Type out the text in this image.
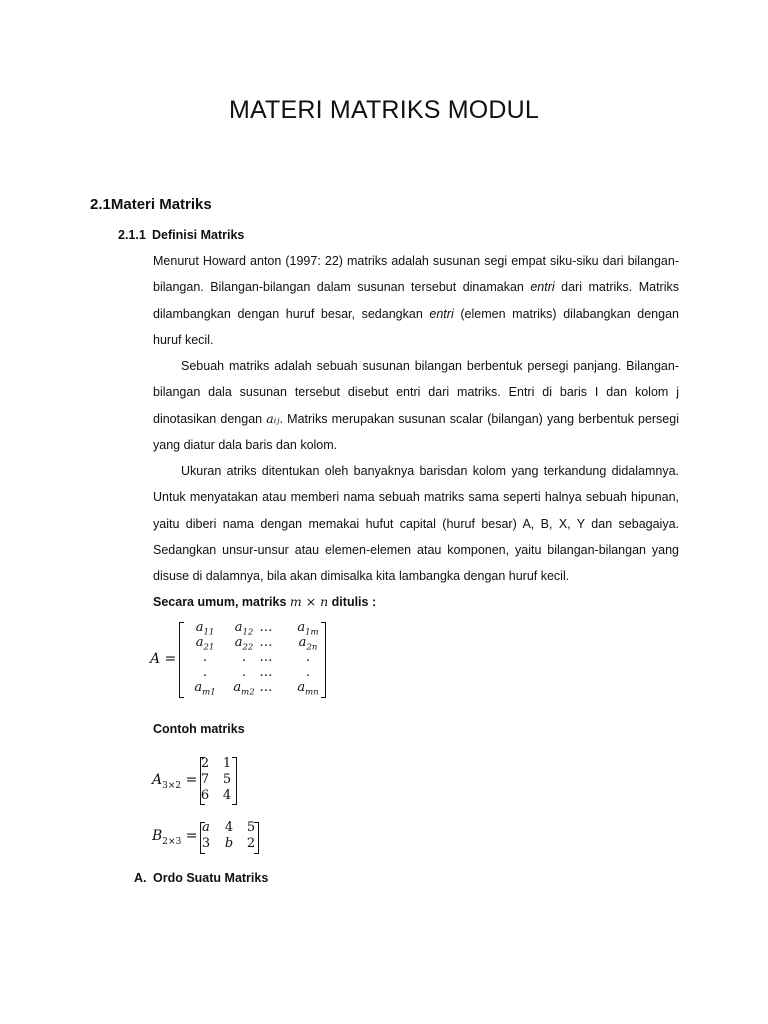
MATERI MATRIKS MODUL
2.1Materi Matriks
2.1.1 Definisi Matriks
Menurut Howard anton (1997: 22) matriks adalah susunan segi empat siku-siku dari bilangan-bilangan. Bilangan-bilangan dalam susunan tersebut dinamakan entri dari matriks. Matriks dilambangkan dengan huruf besar, sedangkan entri (elemen matriks) dilabangkan dengan huruf kecil.
Sebuah matriks adalah sebuah susunan bilangan berbentuk persegi panjang. Bilangan-bilangan dala susunan tersebut disebut entri dari matriks. Entri di baris I dan kolom j dinotasikan dengan aᵢⱼ. Matriks merupakan susunan scalar (bilangan) yang berbentuk persegi yang diatur dala baris dan kolom.
Ukuran atriks ditentukan oleh banyaknya barisdan kolom yang terkandung didalamnya. Untuk menyatakan atau memberi nama sebuah matriks sama seperti halnya sebuah hipunan, yaitu diberi nama dengan memakai hufut capital (huruf besar) A, B, X, Y dan sebagaiya. Sedangkan unsur-unsur atau elemen-elemen atau komponen, yaitu bilangan-bilangan yang disuse di dalamnya, bila akan dimisalka kita lambangka dengan huruf kecil.
Secara umum, matriks m × n ditulis :
A =
$a_{11}$	$a_{12}$ …	$a_{1m}$
$a_{21}$	$a_{22}$ …	$a_{2n}$
.	.	…	.
.	.	…	.
$a_{m1}$	$a_{m2}$ …	$a_{mn}$
Contoh matriks
$A_{3\times 2}$ =
2	1
7	5
6	4
$B_{2\times 3}$ =
a	4	5
3	b	2
A. Ordo Suatu Matriks
